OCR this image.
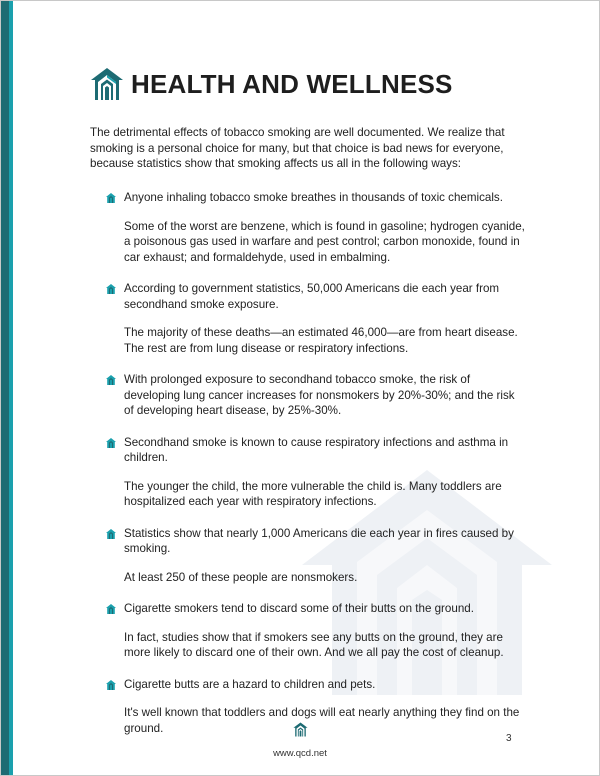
HEALTH AND WELLNESS

The detrimental effects of tobacco smoking are well documented. We realize that smoking is a personal choice for many, but that choice is bad news for everyone, because statistics show that smoking affects us all in the following ways:

Anyone inhaling tobacco smoke breathes in thousands of toxic chemicals.

Some of the worst are benzene, which is found in gasoline; hydrogen cyanide, a poisonous gas used in warfare and pest control; carbon monoxide, found in car exhaust; and formaldehyde, used in embalming.

According to government statistics, 50,000 Americans die each year from secondhand smoke exposure.

The majority of these deaths—an estimated 46,000—are from heart disease. The rest are from lung disease or respiratory infections.

With prolonged exposure to secondhand tobacco smoke, the risk of developing lung cancer increases for nonsmokers by 20%-30%; and the risk of developing heart disease, by 25%-30%.

Secondhand smoke is known to cause respiratory infections and asthma in children.

The younger the child, the more vulnerable the child is. Many toddlers are hospitalized each year with respiratory infections.

Statistics show that nearly 1,000 Americans die each year in fires caused by smoking.

At least 250 of these people are nonsmokers.

Cigarette smokers tend to discard some of their butts on the ground.

In fact, studies show that if smokers see any butts on the ground, they are more likely to discard one of their own. And we all pay the cost of cleanup.

Cigarette butts are a hazard to children and pets.

It's well known that toddlers and dogs will eat nearly anything they find on the ground.

3
www.qcd.net
